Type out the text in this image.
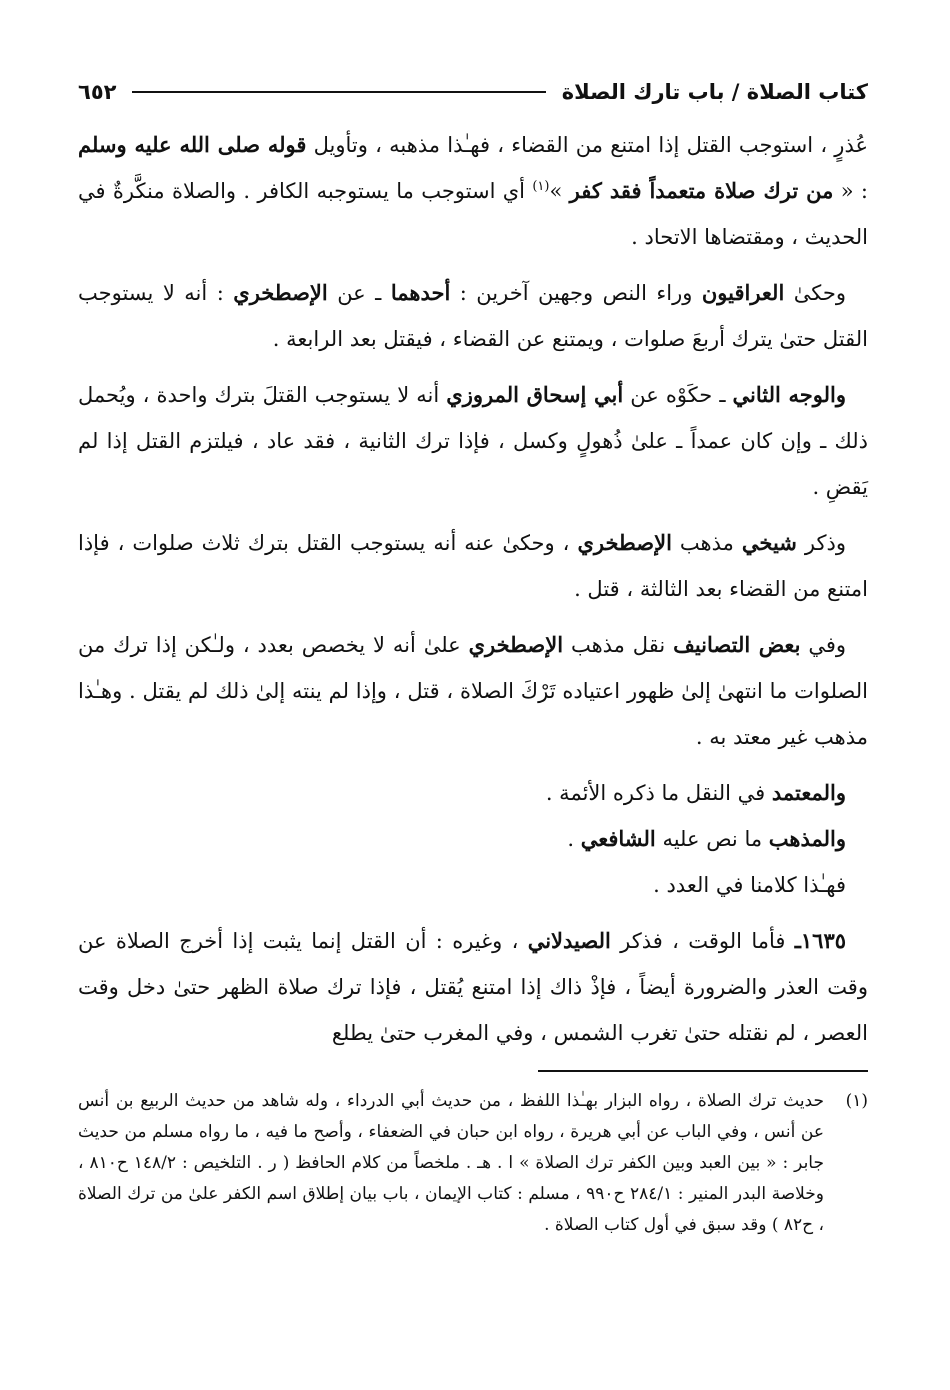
كتاب الصلاة / باب تارك الصلاة
٦٥٢

عُذرٍ ، استوجب القتل إذا امتنع من القضاء ، فهـٰذا مذهبه ، وتأويل قوله صلى الله عليه وسلم : « من ترك صلاة متعمداً فقد كفر »$^{(١)}$ أي استوجب ما يستوجبه الكافر . والصلاة منكَّرةٌ في الحديث ، ومقتضاها الاتحاد .

وحكىٰ العراقيون وراء النص وجهين آخرين : أحدهما ـ عن الإصطخري : أنه لا يستوجب القتل حتىٰ يترك أربعَ صلوات ، ويمتنع عن القضاء ، فيقتل بعد الرابعة .

والوجه الثاني ـ حكَوْه عن أبي إسحاق المروزي أنه لا يستوجب القتلَ بترك واحدة ، ويُحمل ذلك ـ وإن كان عمداً ـ علىٰ ذُهولٍ وكسل ، فإذا ترك الثانية ، فقد عاد ، فيلتزم القتل إذا لم يَقضِ .

وذكر شيخي مذهب الإصطخري ، وحكىٰ عنه أنه يستوجب القتل بترك ثلاث صلوات ، فإذا امتنع من القضاء بعد الثالثة ، قتل .

وفي بعض التصانيف نقل مذهب الإصطخري علىٰ أنه لا يخصص بعدد ، ولـٰكن إذا ترك من الصلوات ما انتهىٰ إلىٰ ظهور اعتياده تَرْكَ الصلاة ، قتل ، وإذا لم ينته إلىٰ ذلك لم يقتل . وهـٰذا مذهب غير معتد به .

والمعتمد في النقل ما ذكره الأئمة .

والمذهب ما نص عليه الشافعي .

فهـٰذا كلامنا في العدد .

١٦٣٥ـ فأما الوقت ، فذكر الصيدلاني ، وغيره : أن القتل إنما يثبت إذا أخرج الصلاة عن وقت العذر والضرورة أيضاً ، فإذْ ذاك إذا امتنع يُقتل ، فإذا ترك صلاة الظهر حتىٰ دخل وقت العصر ، لم نقتله حتىٰ تغرب الشمس ، وفي المغرب حتىٰ يطلع

(١)
حديث ترك الصلاة ، رواه البزار بهـٰذا اللفظ ، من حديث أبي الدرداء ، وله شاهد من حديث الربيع بن أنس عن أنس ، وفي الباب عن أبي هريرة ، رواه ابن حبان في الضعفاء ، وأصح ما فيه ، ما رواه مسلم من حديث جابر : « بين العبد وبين الكفر ترك الصلاة » ا . هـ . ملخصاً من كلام الحافظ ( ر . التلخيص : ١٤٨/٢ ح٨١٠ ، وخلاصة البدر المنير : ٢٨٤/١ ح٩٩٠ ، مسلم : كتاب الإيمان ، باب بيان إطلاق اسم الكفر علىٰ من ترك الصلاة ، ح٨٢ ) وقد سبق في أول كتاب الصلاة .
